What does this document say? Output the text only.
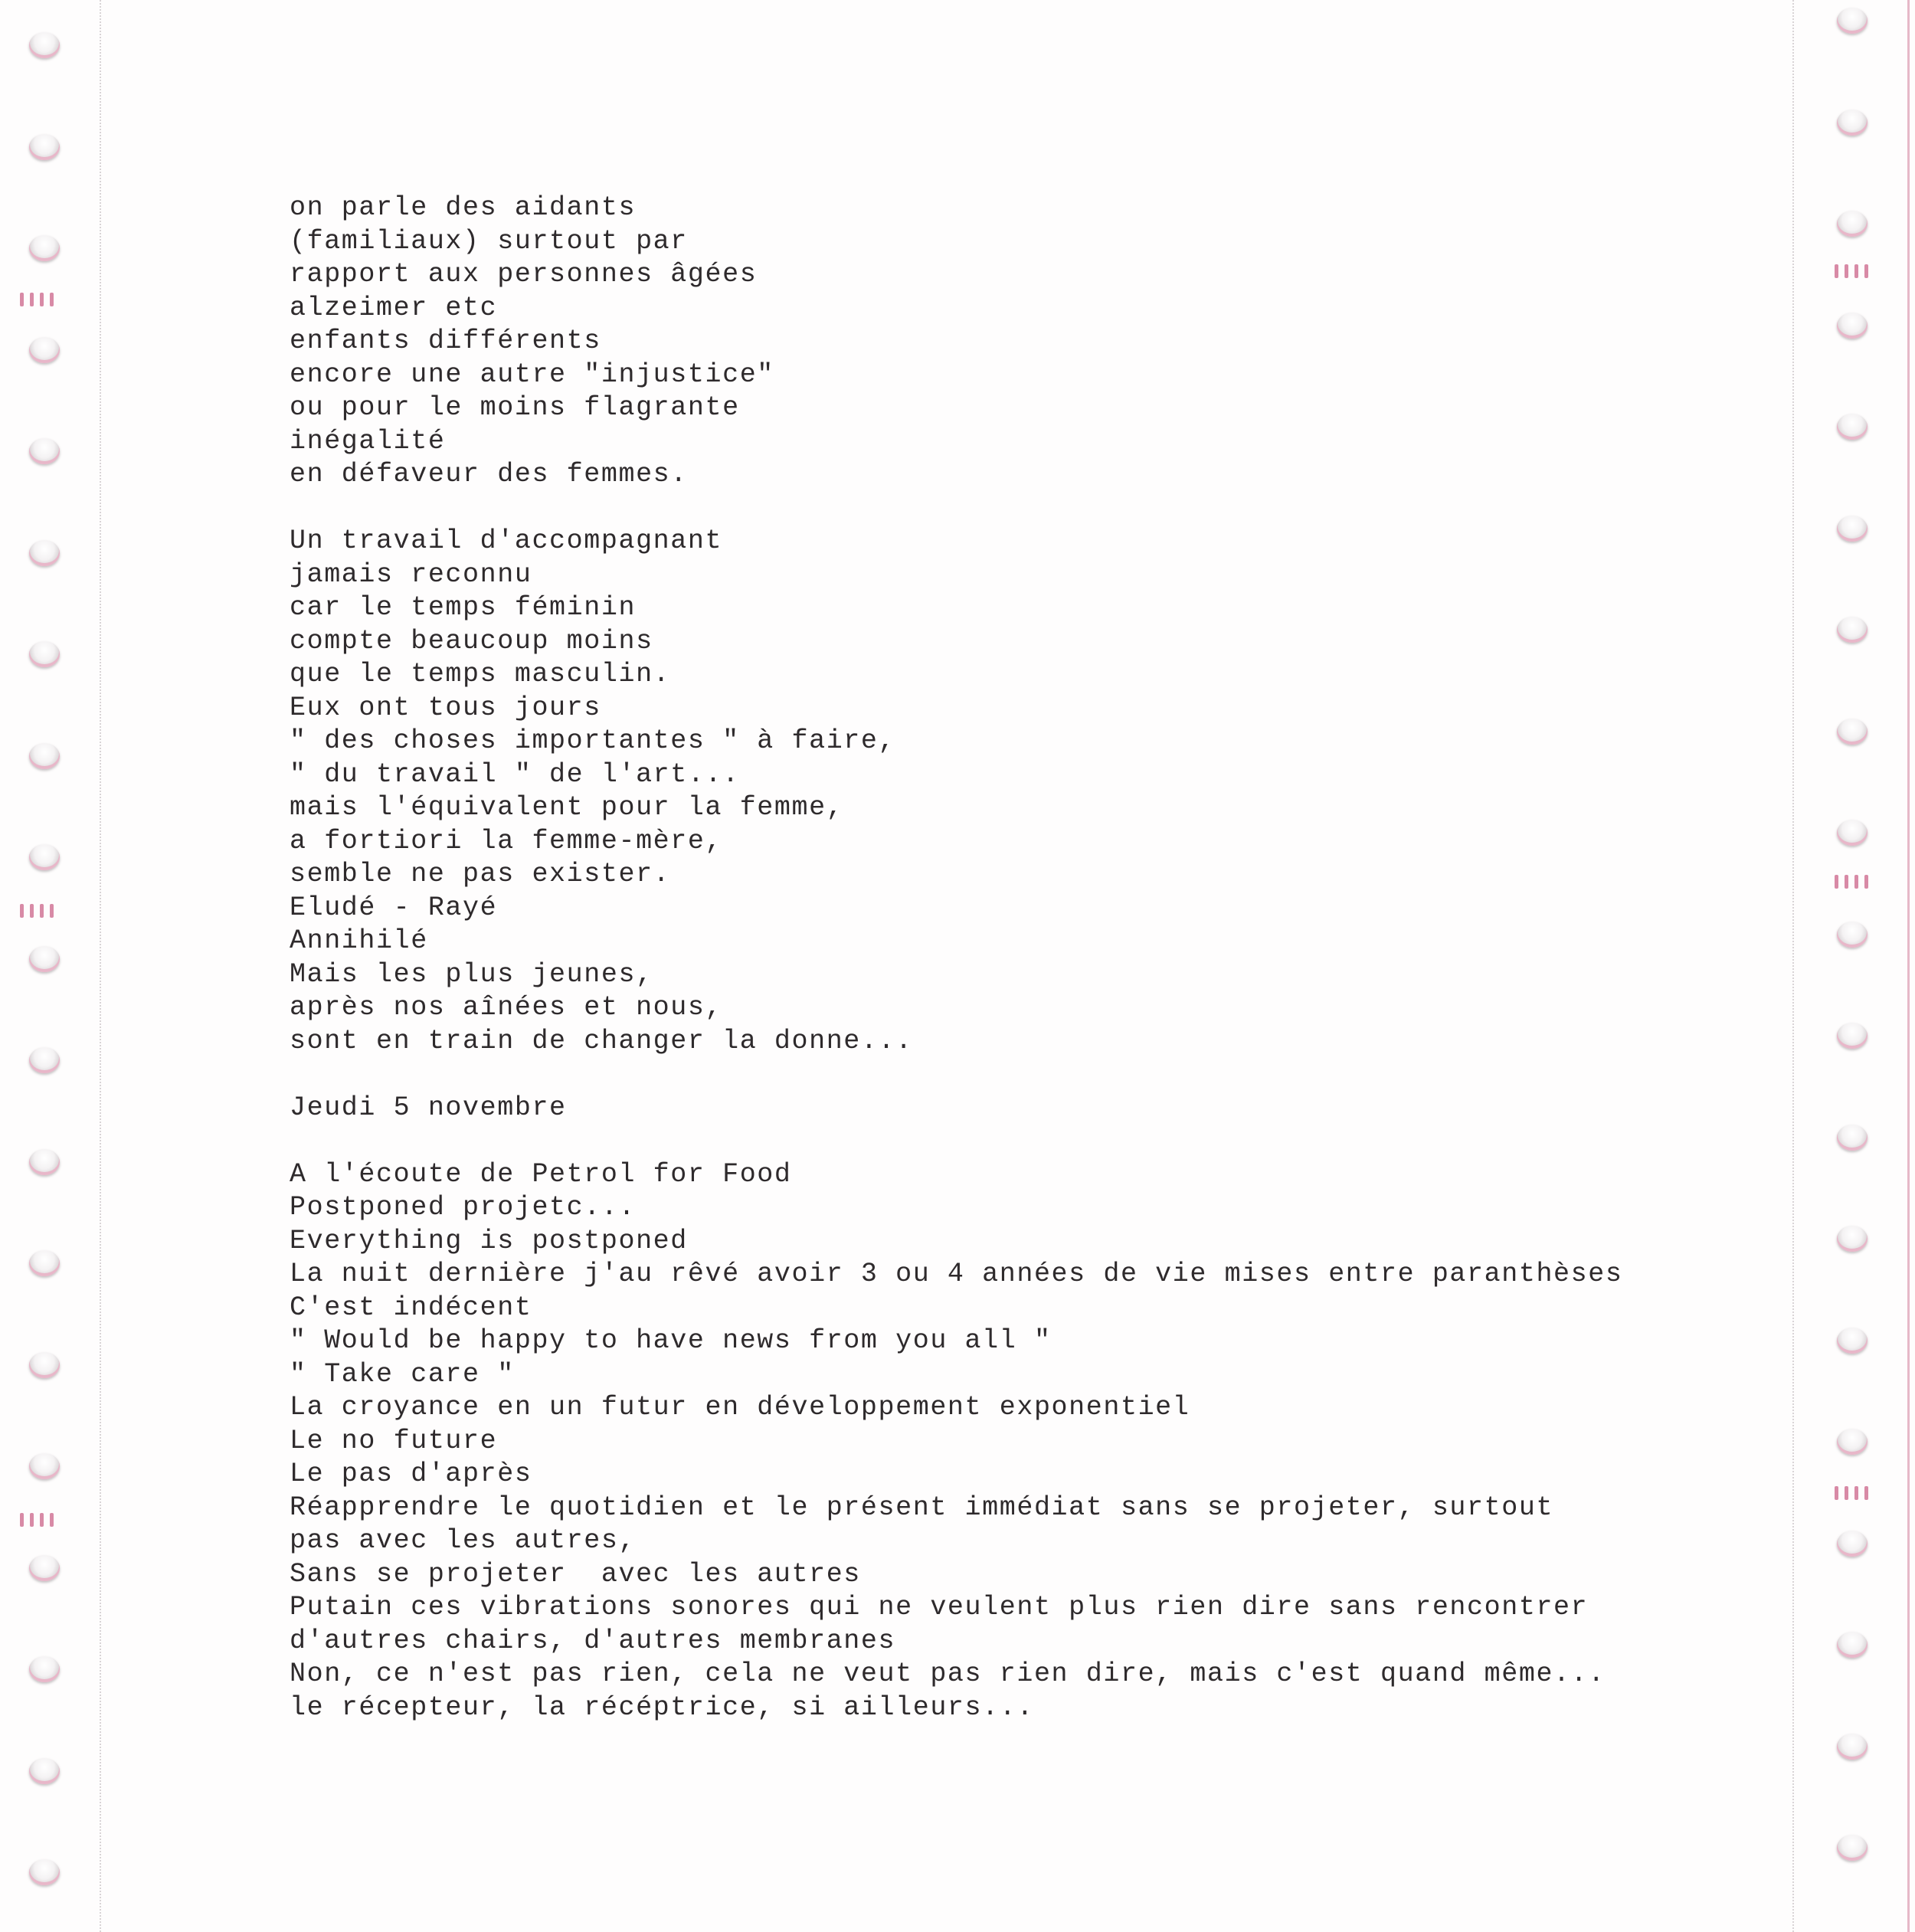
on parle des aidants
(familiaux) surtout par
rapport aux personnes âgées
alzeimer etc
enfants différents
encore une autre "injustice"
ou pour le moins flagrante
inégalité
en défaveur des femmes.
Un travail d'accompagnant
jamais reconnu
car le temps féminin
compte beaucoup moins
que le temps masculin.
Eux ont tous jours
" des choses importantes " à faire,
" du travail " de l'art...
mais l'équivalent pour la femme,
a fortiori la femme-mère,
semble ne pas exister.
Eludé - Rayé
Annihilé
Mais les plus jeunes,
après nos aînées et nous,
sont en train de changer la donne...
Jeudi 5 novembre
A l'écoute de Petrol for Food
Postponed projetc...
Everything is postponed
La nuit dernière j'au rêvé avoir 3 ou 4 années de vie mises entre paranthèses
C'est indécent
" Would be happy to have news from you all "
" Take care "
La croyance en un futur en développement exponentiel
Le no future
Le pas d'après
Réapprendre le quotidien et le présent immédiat sans se projeter, surtout
pas avec les autres,
Sans se projeter  avec les autres
Putain ces vibrations sonores qui ne veulent plus rien dire sans rencontrer
d'autres chairs, d'autres membranes
Non, ce n'est pas rien, cela ne veut pas rien dire, mais c'est quand même...
le récepteur, la récéptrice, si ailleurs...
